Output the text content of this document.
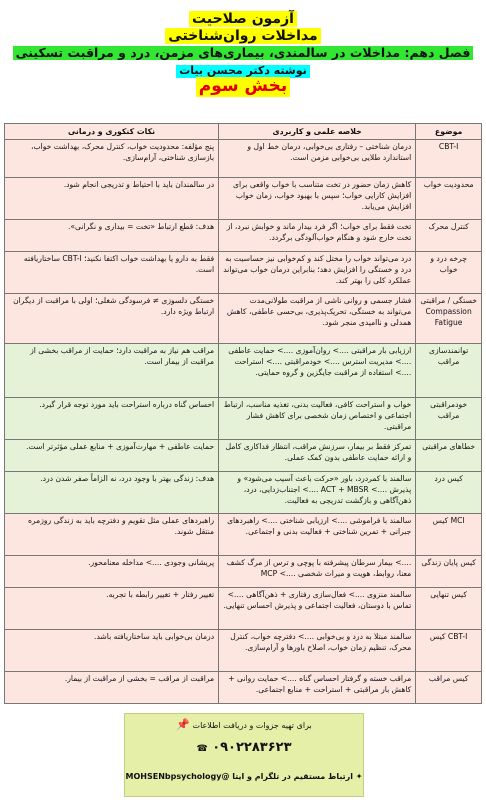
آزمون صلاحیت
مداخلات روان‌شناختی
فصل دهم: مداخلات در سالمندی، بیماری‌های مزمن، درد و مراقبت تسکینی
نوشته دکتر محسن بیات
بخش سوم
موضوع
خلاصه علمی و کاربردی
نکات کنکوری و درمانی
CBT-I
درمان شناختی – رفتاری بی‌خوابی، درمان خط اول و استاندارد طلایی بی‌خوابی مزمن است.
پنج مؤلفه: محدودیت خواب، کنترل محرک، بهداشت خواب، بازسازی شناختی، آرام‌سازی.
محدودیت خواب
کاهش زمان حضور در تخت متناسب با خواب واقعی برای افزایش کارایی خواب؛ سپس با بهبود خواب، زمان خواب افزایش می‌یابد.
در سالمندان باید با احتیاط و تدریجی انجام شود.
کنترل محرک
تخت فقط برای خواب؛ اگر فرد بیدار ماند و خوابش نبرد، از تخت خارج شود و هنگام خواب‌آلودگی برگردد.
هدف: قطع ارتباط «تخت = بیداری و نگرانی».
چرخه درد و خواب
درد می‌تواند خواب را مختل کند و کم‌خوابی نیز حساسیت به درد و خستگی را افزایش دهد؛ بنابراین درمان خواب می‌تواند عملکرد کلی را بهتر کند.
فقط به دارو یا بهداشت خواب اکتفا نکنید؛ CBT-I ساختاریافته است.
خستگی / مراقبتی Compassion Fatigue
فشار جسمی و روانی ناشی از مراقبت طولانی‌مدت می‌تواند به خستگی، تحریک‌پذیری، بی‌حسی عاطفی، کاهش همدلی و ناامیدی منجر شود.
خستگی دلسوزی ≠ فرسودگی شغلی؛ اولی با مراقبت از دیگران ارتباط ویژه دارد.
توانمندسازی مراقب
ارزیابی بار مراقبتی ....> روان‌آموزی ....> حمایت عاطفی ....> مدیریت استرس ....> خودمراقبتی ....> استراحت ....> استفاده از مراقبت جایگزین و گروه حمایتی.
مراقب هم نیاز به مراقبت دارد؛ حمایت از مراقب بخشی از مراقبت از بیمار است.
خودمراقبتی مراقب
خواب و استراحت کافی، فعالیت بدنی، تغذیه مناسب، ارتباط اجتماعی و اختصاص زمان شخصی برای کاهش فشار مراقبتی.
احساس گناه درباره استراحت باید مورد توجه قرار گیرد.
خطاهای مراقبتی
تمرکز فقط بر بیمار، سرزنش مراقب، انتظار فداکاری کامل و ارائه حمایت عاطفی بدون کمک عملی.
حمایت عاطفی + مهارت‌آموزی + منابع عملی مؤثرتر است.
کیس درد
سالمند با کمردرد، باور «حرکت باعث آسیب می‌شود» و پذیرش ....> ACT + MBSR ....> اجتناب‌زدایی، درد، ذهن‌آگاهی و بازگشت تدریجی به فعالیت.
هدف: زندگی بهتر با وجود درد، نه الزاماً صفر شدن درد.
MCI کیس
سالمند با فراموشی ....> ارزیابی شناختی ....> راهبردهای جبرانی + تمرین شناختی + فعالیت بدنی و اجتماعی.
راهبردهای عملی مثل تقویم و دفترچه باید به زندگی روزمره منتقل شوند.
کیس پایان زندگی
....> بیمار سرطان پیشرفته با پوچی و ترس از مرگ کشف معنا، روابط، هویت و میراث شخصی ....> MCP
پریشانی وجودی ....> مداخله معنامحور.
کیس تنهایی
سالمند منزوی ....> فعال‌سازی رفتاری + ذهن‌آگاهی ....> تماس با دوستان، فعالیت اجتماعی و پذیرش احساس تنهایی.
تغییر رفتار + تغییر رابطه با تجربه.
CBT-I کیس
سالمند مبتلا به درد و بی‌خوابی ....> دفترچه خواب، کنترل محرک، تنظیم زمان خواب، اصلاح باورها و آرام‌سازی.
درمان بی‌خوابی باید ساختاریافته باشد.
کیس مراقب
مراقب خسته و گرفتار احساس گناه ....> حمایت روانی + کاهش بار مراقبتی + استراحت + منابع اجتماعی.
مراقبت از مراقب = بخشی از مراقبت از بیمار.
برای تهیه جزوات و دریافت اطلاعات 📌
۰۹۰۲۲۸۳۶۲۳ ☎
✦ ارتباط مستقیم در تلگرام و ایتا @MOHSENbpsychology
